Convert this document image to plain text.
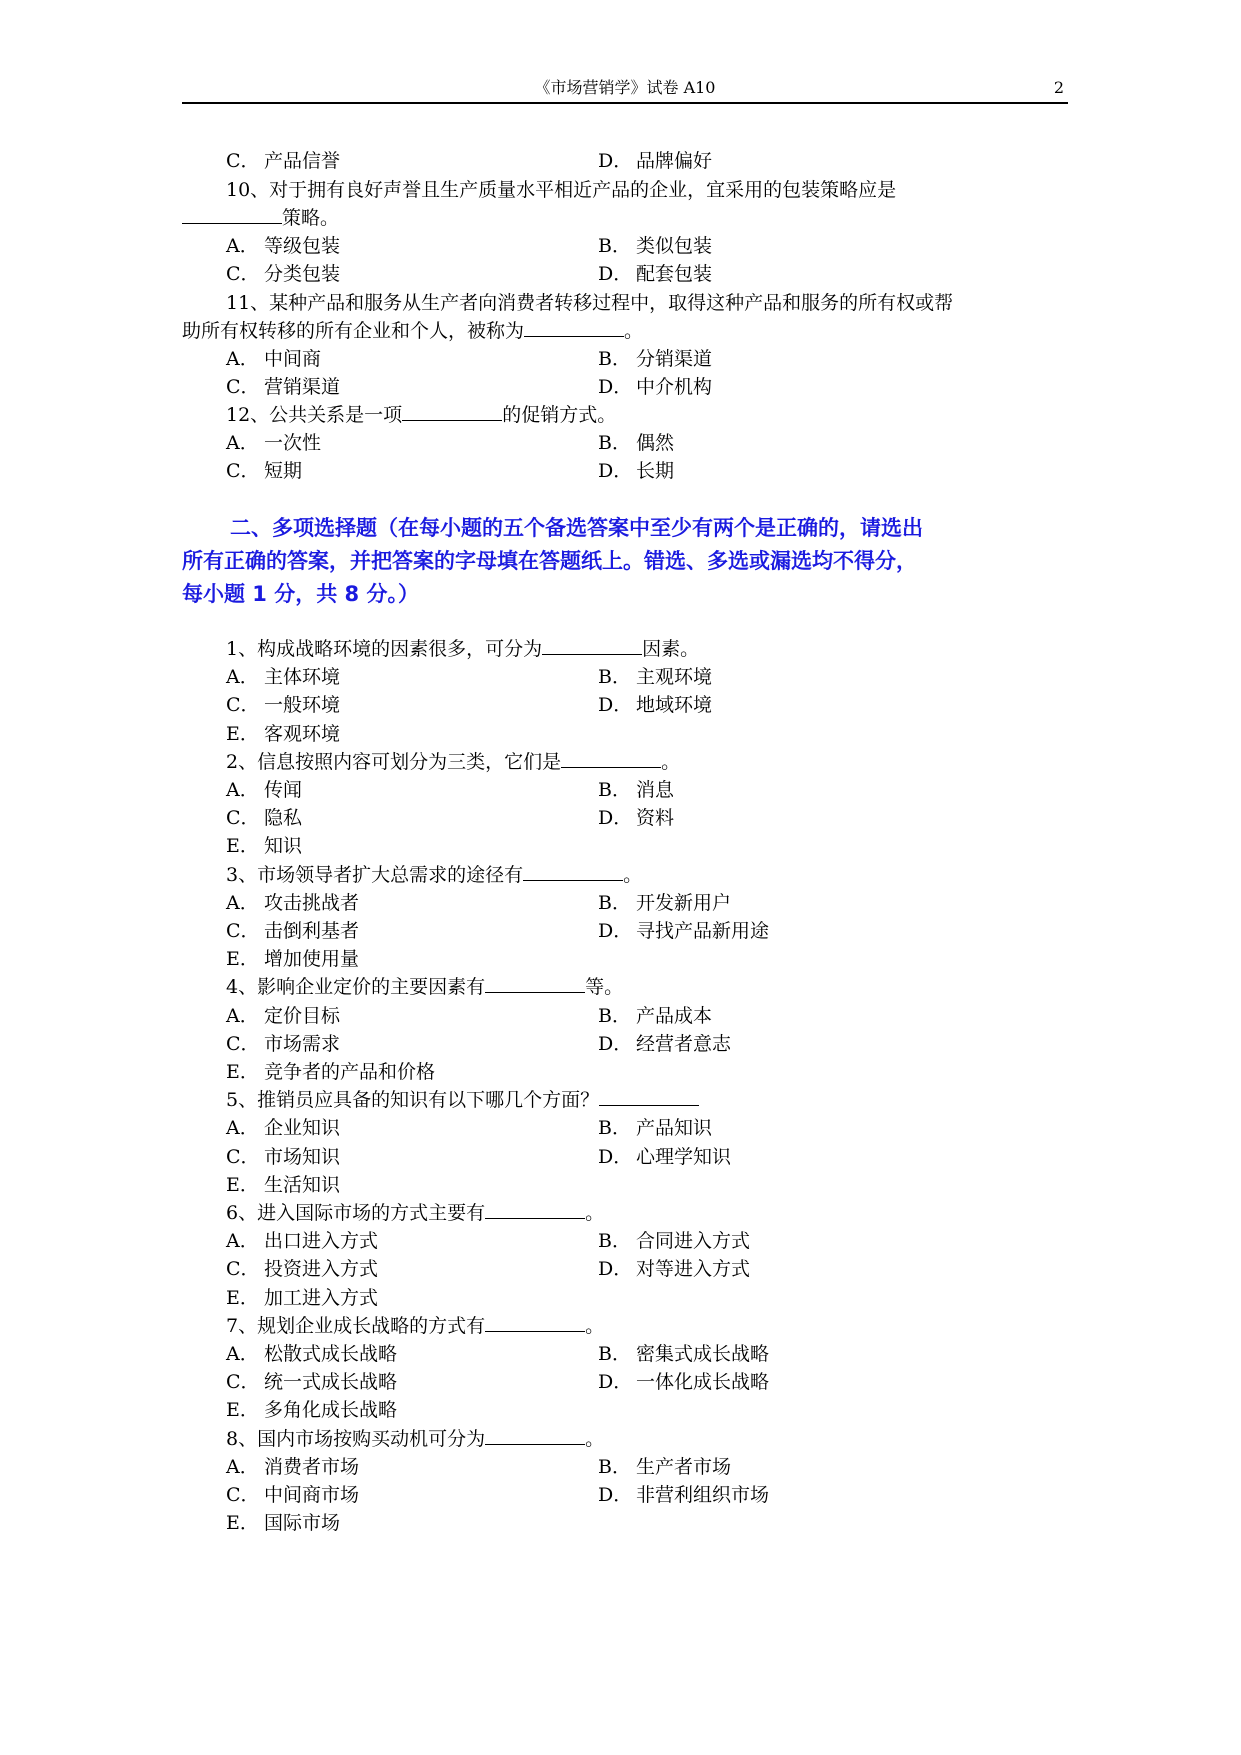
《市场营销学》试卷 A10	2
C． 产品信誉	D． 品牌偏好
10、对于拥有良好声誉且生产质量水平相近产品的企业，宜采用的包装策略应是
策略。
A． 等级包装	B． 类似包装
C． 分类包装	D． 配套包装
11、某种产品和服务从生产者向消费者转移过程中，取得这种产品和服务的所有权或帮
助所有权转移的所有企业和个人，被称为	。
A． 中间商	B． 分销渠道
C． 营销渠道	D． 中介机构
12、公共关系是一项	的促销方式。
A． 一次性	B． 偶然
C． 短期	D． 长期
二、多项选择题（在每小题的五个备选答案中至少有两个是正确的，请选出
所有正确的答案，并把答案的字母填在答题纸上。错选、多选或漏选均不得分，
每小题 1 分，共 8 分。）
1、构成战略环境的因素很多，可分为	因素。
A． 主体环境	B． 主观环境
C． 一般环境	D． 地域环境
E． 客观环境
2、信息按照内容可划分为三类，它们是	。
A． 传闻	B． 消息
C． 隐私	D． 资料
E． 知识
3、市场领导者扩大总需求的途径有	。
A． 攻击挑战者	B． 开发新用户
C． 击倒利基者	D． 寻找产品新用途
E． 增加使用量
4、影响企业定价的主要因素有	等。
A． 定价目标	B． 产品成本
C． 市场需求	D． 经营者意志
E． 竞争者的产品和价格
5、推销员应具备的知识有以下哪几个方面？
A． 企业知识	B． 产品知识
C． 市场知识	D． 心理学知识
E． 生活知识
6、进入国际市场的方式主要有	。
A． 出口进入方式	B． 合同进入方式
C． 投资进入方式	D． 对等进入方式
E． 加工进入方式
7、规划企业成长战略的方式有	。
A． 松散式成长战略	B． 密集式成长战略
C． 统一式成长战略	D． 一体化成长战略
E． 多角化成长战略
8、国内市场按购买动机可分为	。
A． 消费者市场	B． 生产者市场
C． 中间商市场	D． 非营利组织市场
E． 国际市场
